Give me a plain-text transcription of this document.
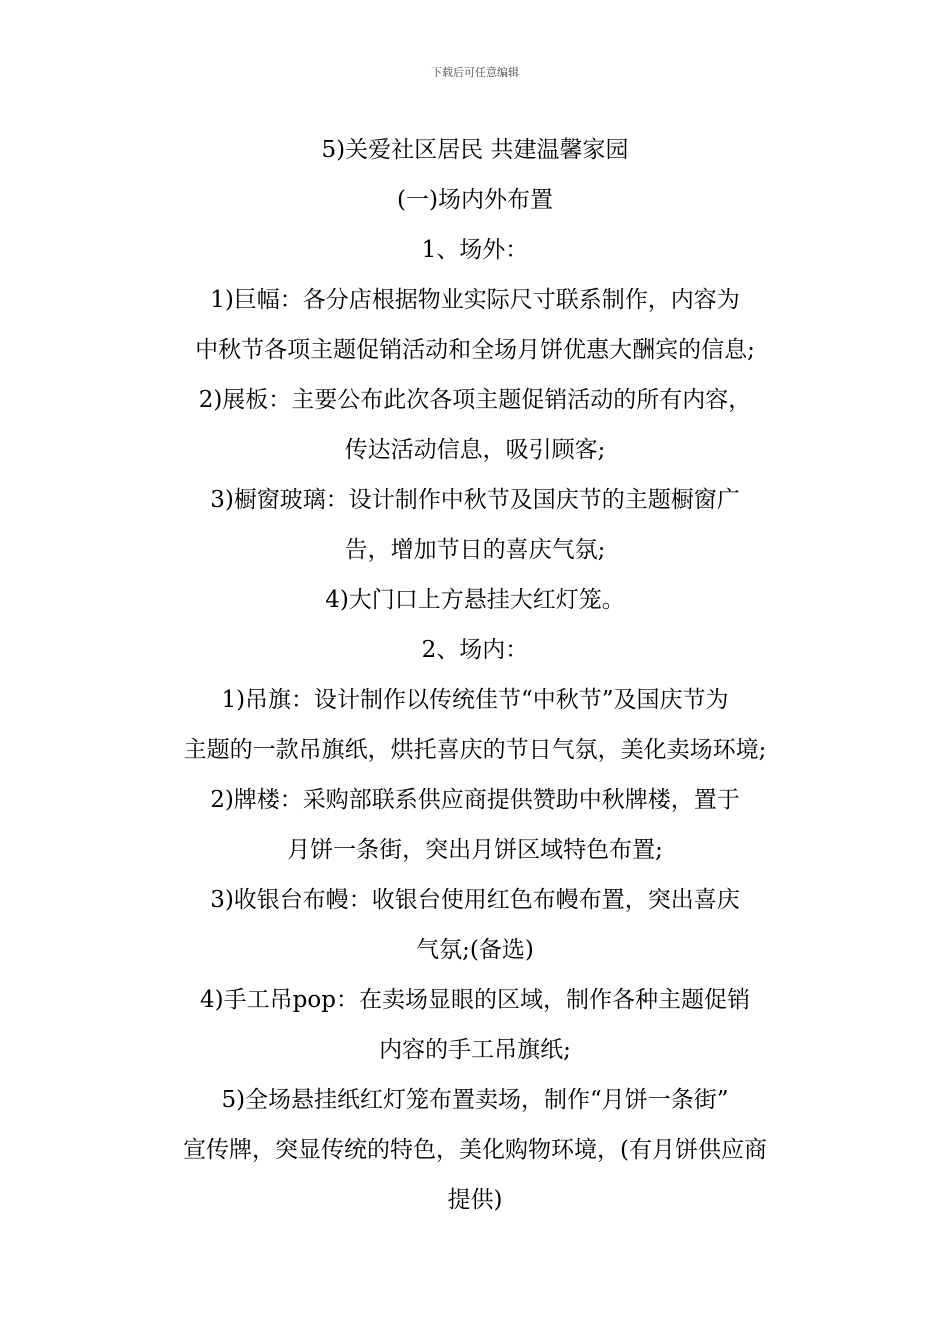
下载后可任意编辑
5)关爱社区居民 共建温馨家园
(一)场内外布置
1、场外：
1)巨幅：各分店根据物业实际尺寸联系制作，内容为
中秋节各项主题促销活动和全场月饼优惠大酬宾的信息;
2)展板：主要公布此次各项主题促销活动的所有内容，
传达活动信息，吸引顾客;
3)橱窗玻璃：设计制作中秋节及国庆节的主题橱窗广
告，增加节日的喜庆气氛;
4)大门口上方悬挂大红灯笼。
2、场内：
1)吊旗：设计制作以传统佳节“中秋节”及国庆节为
主题的一款吊旗纸，烘托喜庆的节日气氛，美化卖场环境;
2)牌楼：采购部联系供应商提供赞助中秋牌楼，置于
月饼一条街，突出月饼区域特色布置;
3)收银台布幔：收银台使用红色布幔布置，突出喜庆
气氛;(备选)
4)手工吊pop：在卖场显眼的区域，制作各种主题促销
内容的手工吊旗纸;
5)全场悬挂纸红灯笼布置卖场，制作“月饼一条街”
宣传牌，突显传统的特色，美化购物环境，(有月饼供应商
提供)
